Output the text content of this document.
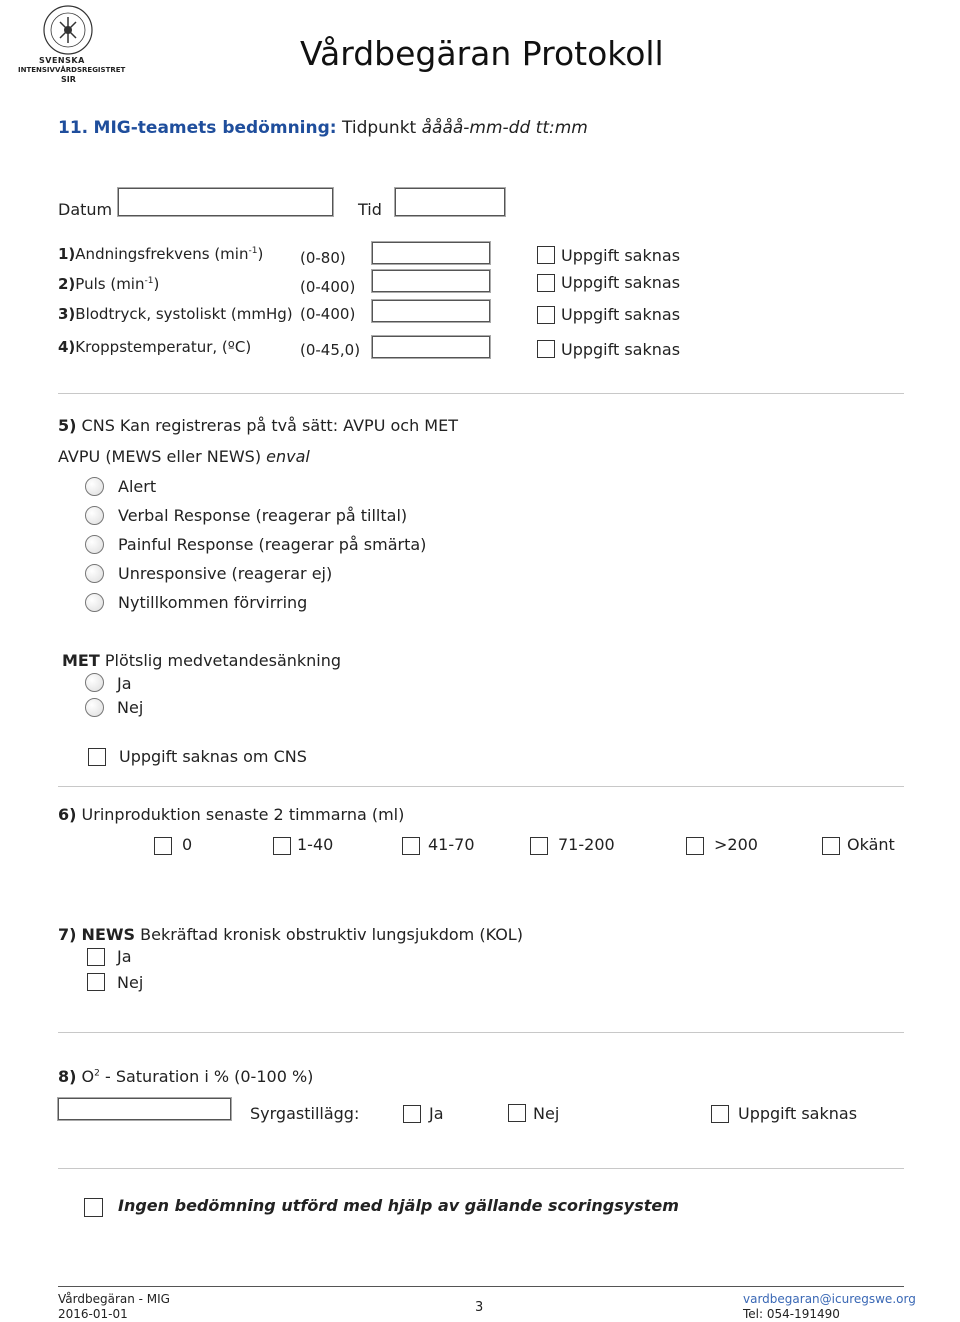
SVENSKA
INTENSIVVÅRDSREGISTRET
SIR
Vårdbegäran Protokoll
11. MIG-teamets bedömning: Tidpunkt åååå-mm-dd tt:mm
Datum	Tid
1)Andningsfrekvens $(\min^{-1})$ (0-80)	Uppgift saknas
2)Puls $(\min^{-1})$	(0-400)	Uppgift saknas
3)Blodtryck, systoliskt (mmHg) (0-400)	Uppgift saknas
4)Kroppstemperatur, (ºC)	(0-45,0)	Uppgift saknas
5) CNS Kan registreras på två sätt: AVPU och MET
AVPU (MEWS eller NEWS) enval
Alert
Verbal Response (reagerar på tilltal)
Painful Response (reagerar på smärta)
Unresponsive (reagerar ej)
Nytillkommen förvirring
MET Plötslig medvetandesänkning
Ja
Nej
Uppgift saknas om CNS
6) Urinproduktion senaste 2 timmarna (ml)
0	1-40	41-70	71-200	>200	Okänt
7) NEWS Bekräftad kronisk obstruktiv lungsjukdom (KOL)
Ja
Nej
8) $O^2$ - Saturation i % (0-100 %)
Syrgastillägg:	Ja	Nej	Uppgift saknas
Ingen bedömning utförd med hjälp av gällande scoringsystem
Vårdbegäran - MIG
2016-01-01	3
vardbegaran@icuregswe.org
Tel: 054-191490
